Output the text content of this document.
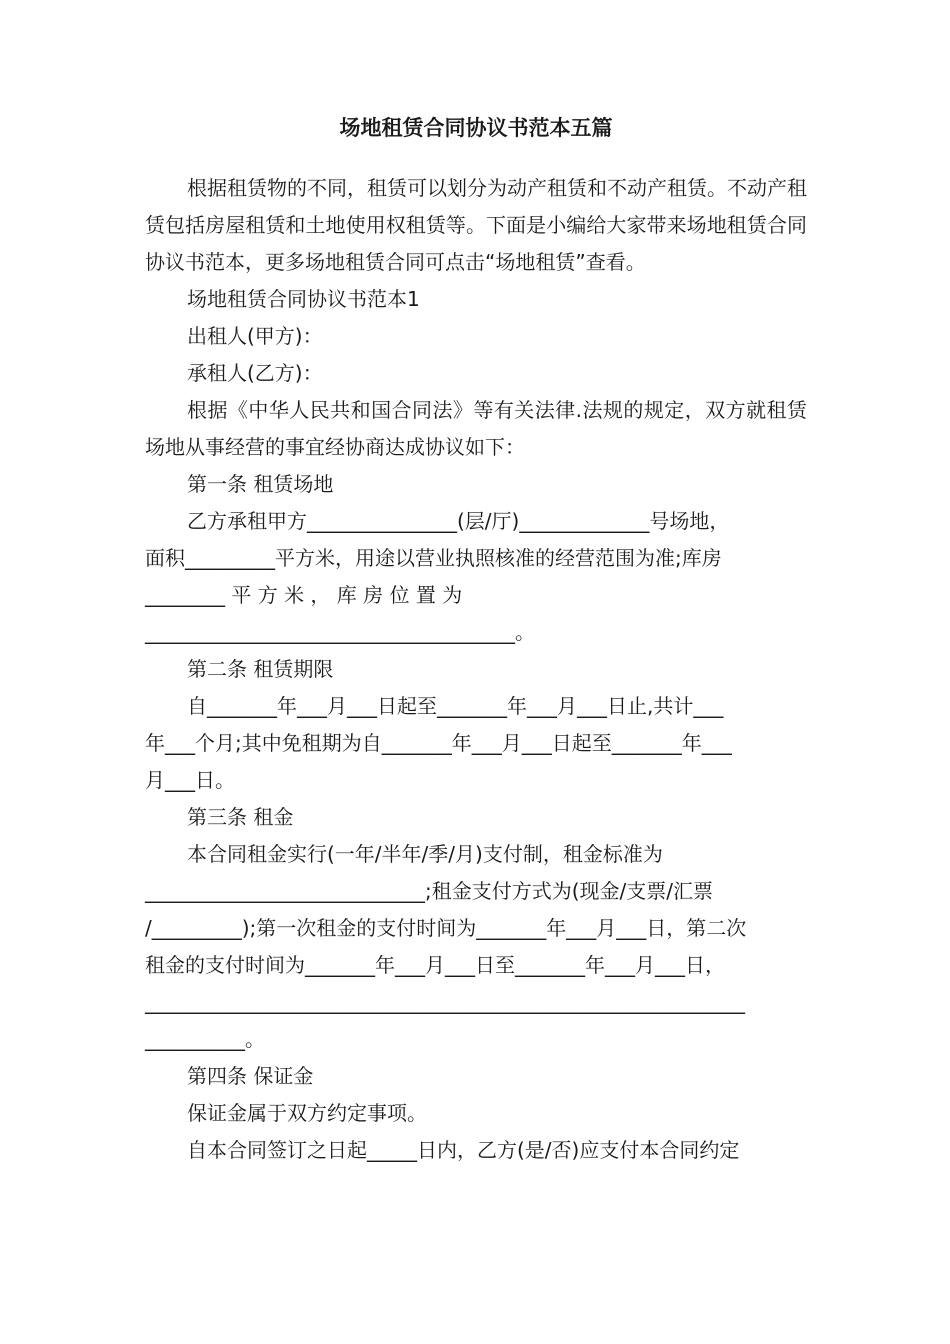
场地租赁合同协议书范本五篇

根据租赁物的不同，租赁可以划分为动产租赁和不动产租赁。不动产租赁包括房屋租赁和土地使用权租赁等。下面是小编给大家带来场地租赁合同协议书范本，更多场地租赁合同可点击“场地租赁”查看。

场地租赁合同协议书范本1

出租人(甲方)：

承租人(乙方)：

根据《中华人民共和国合同法》等有关法律.法规的规定，双方就租赁场地从事经营的事宜经协商达成协议如下：

第一条 租赁场地

乙方承租甲方_______________(层/厅)_____________号场地，

面积_________平方米，用途以营业执照核准的经营范围为准;库房
________ 平 方 米 ， 库 房 位 置 为
_____________________________________。

第二条 租赁期限

自_______年___月___日起至_______年___月___日止,共计___

年___个月;其中免租期为自_______年___月___日起至_______年___
月___日。

第三条 租金

本合同租金实行(一年/半年/季/月)支付制，租金标准为

____________________________;租金支付方式为(现金/支票/汇票
/_________);第一次租金的支付时间为_______年___月___日，第二次
租金的支付时间为_______年___月___日至_______年___月___日，
____________________________________________________________
__________。

第四条 保证金

保证金属于双方约定事项。

自本合同签订之日起_____日内，乙方(是/否)应支付本合同约定
